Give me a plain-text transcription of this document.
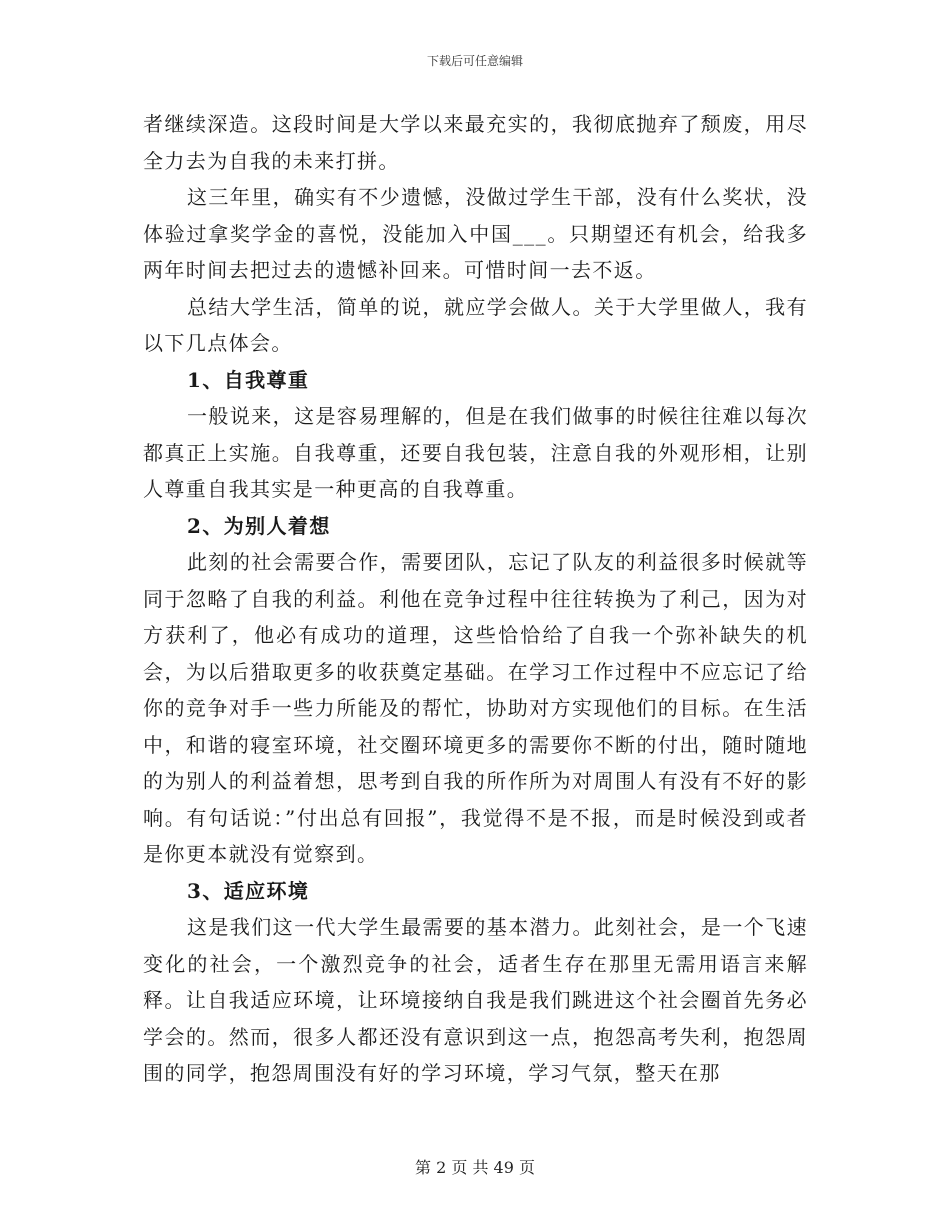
下载后可任意编辑

者继续深造。这段时间是大学以来最充实的，我彻底抛弃了颓废，用尽全力去为自我的未来打拼。

这三年里，确实有不少遗憾，没做过学生干部，没有什么奖状，没体验过拿奖学金的喜悦，没能加入中国___。只期望还有机会，给我多两年时间去把过去的遗憾补回来。可惜时间一去不返。

总结大学生活，简单的说，就应学会做人。关于大学里做人，我有以下几点体会。

1、自我尊重

一般说来，这是容易理解的，但是在我们做事的时候往往难以每次都真正上实施。自我尊重，还要自我包装，注意自我的外观形相，让别人尊重自我其实是一种更高的自我尊重。

2、为别人着想

此刻的社会需要合作，需要团队，忘记了队友的利益很多时候就等同于忽略了自我的利益。利他在竞争过程中往往转换为了利己，因为对方获利了，他必有成功的道理，这些恰恰给了自我一个弥补缺失的机会，为以后猎取更多的收获奠定基础。在学习工作过程中不应忘记了给你的竞争对手一些力所能及的帮忙，协助对方实现他们的目标。在生活中，和谐的寝室环境，社交圈环境更多的需要你不断的付出，随时随地的为别人的利益着想，思考到自我的所作所为对周围人有没有不好的影响。有句话说：”付出总有回报”，我觉得不是不报，而是时候没到或者是你更本就没有觉察到。

3、适应环境

这是我们这一代大学生最需要的基本潜力。此刻社会，是一个飞速变化的社会，一个激烈竞争的社会，适者生存在那里无需用语言来解释。让自我适应环境，让环境接纳自我是我们跳进这个社会圈首先务必学会的。然而，很多人都还没有意识到这一点，抱怨高考失利，抱怨周围的同学，抱怨周围没有好的学习环境，学习气氛，整天在那

第 2 页 共 49 页
